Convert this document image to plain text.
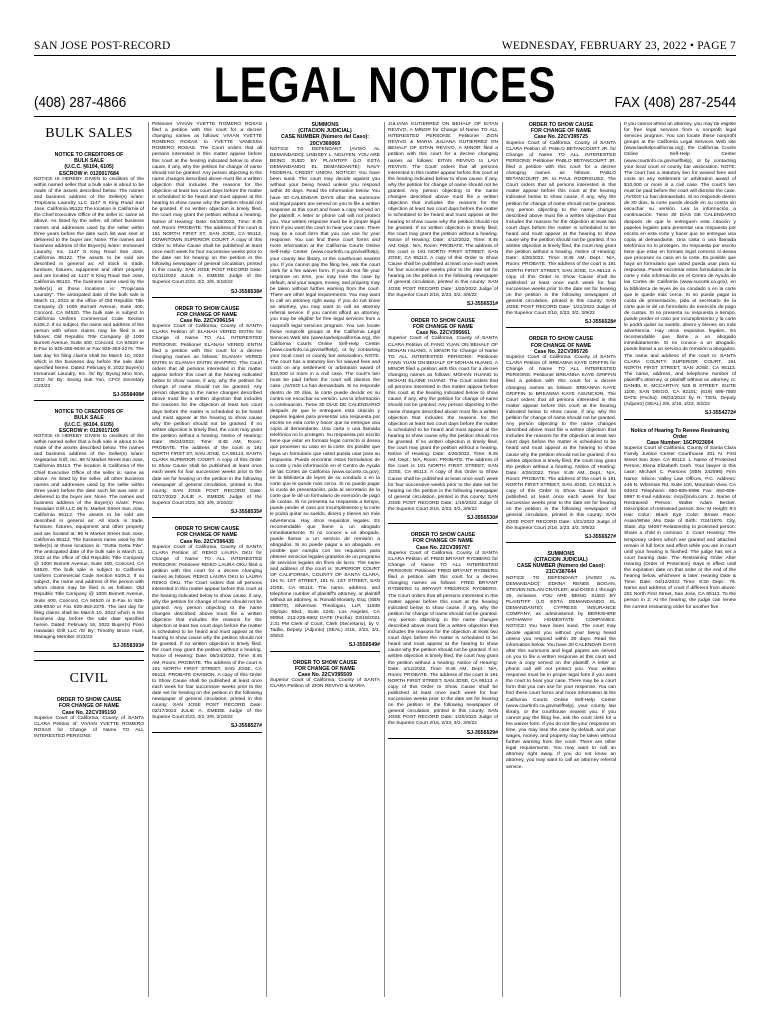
SAN JOSE POST-RECORD	WEDNESDAY, FEBRUARY 23, 2022 • PAGE 7
LEGAL NOTICES
(408) 287-4866	FAX (408) 287-2544
BULK SALES
NOTICE TO CREDITORS OF
BULK SALE
(U.C.C. §6104, 6105)
ESCROW #: 0120017684

NOTICE IS HEREBY GIVEN to creditors of the within named seller that a bulk sale is about to be made of the assets described below. The names and business address of the Seller(s) is/are: Tropicana Laundry LLC 1147 S King Road San Jose, California 95122 The location in California of the Chief Executive Office of the seller is: same as above. As listed by the seller, all other business names and addresses used by the seller within three years before the date such list was sent or delivered to the buyer are: None. The names and business address of the Buyer(s) is/are: Immanuel Laundry, Inc. 1147 S King Road San Jose, California 95122. The assets to be sold are described in general as: All stock in trade, furniture, fixtures, equipment and other property and are located at: 1147 S King Road San Jose, California 95122. The business name used by the Seller(s) at those locations is: "Tropicana Laundry". The anticipated date of the bulk sale is March 11, 2022 at the office of Old Republic Title Company @ 1000 Burnett Avenue, Suite 400, Concord, CA 94520. The bulk sale is subject to California Uniform Commercial Code Section 6106.2. If so subject, the name and address of the person with whom claims may be filed is as follows: Old Republic Title Company @ 1000 Burnett Avenue, Suite 400, Concord, CA 94520 or E-Fax to 925-265-9040 or Fax 925-363-2276. The last day for filing claims shall be March 10, 2022 which is the business day before the sale date specified herein. Dated: February 8, 2022 Buyer(s) Immanuel Laundry, Inc. /S/ By: Byung Moo Son, CEO /S/ By: Seong Suk Yun, CFO/ Secretary 2/23/22

SJ-3558408#
NOTICE TO CREDITORS OF
BULK SALE
(U.C.C. §6104, 6105)
ESCROW #: 0126017109

NOTICE IS HEREBY GIVEN to creditors of the within named seller that a bulk sale is about to be made of the assets described below. The names and business address of the Seller(s) is/are: Vegetarian Grill, Inc. 86 N Market Street San Jose, California 95113. The location in California of the Chief Executive Office of the seller is: same as above. As listed by the seller, all other business names and addresses used by the seller within three years before the date such list was sent or delivered to the buyer are: None. The names and business address of the Buyer(s) is/are: Pono Hawaiian Grill LLC 86 N. Market Street San Jose, California 95113. The assets to be sold are described in general as: All stock in trade, furniture, fixtures, equipment and other property and are located at: 86 N Market Street San Jose, California 95113. The business name used by the Seller(s) at those locations is: "Gotta Getta Pita". The anticipated date of the bulk sale is March 11, 2022 at the office of Old Republic Title Company @ 1000 Burnett Avenue, Suite 400, Concord, CA 94520. The bulk sale is subject to California Uniform Commercial Code Section 6106.2. If so subject, the name and address of the person with whom claims may be filed is as follows: Old Republic Title Company @ 1000 Burnett Avenue, Suite 400, Concord, CA 94520 or E-Fax to 925-265-9040 or Fax 925-363-2276. The last day for filing claims shall be March 10, 2022 which is the business day before the sale date specified herein. Dated: February 16, 2022 Buyer(s) Pono Hawaiian Grill LLC /S/ By: Timothy Bruce Hunt, Managing Member 2/23/22

SJ-3558393#
CIVIL
ORDER TO SHOW CAUSE
FOR CHANGE OF NAME
Case No. 22CV395150

Superior Court of California, County of SANTA CLARA Petition of: VIVIAN YVETTE ROMERO ROSAS for Change of Name TO ALL INTERESTED PERSONS:

Petitioner VIVIAN YVETTE ROMERO ROSAS filed a petition with this court for a decree changing names as follows: VIVIAN YVETTE ROMERO ROSAS to YVETTE VANESSA ROMERO ROSAS. The Court orders that all persons interested in this matter appear before this court at the hearing indicated below to show cause, if any, why the petition for change of name should not be granted. Any person objecting to the name changes described above must file a written objection that includes the reasons for the objection at least two court days before the matter is scheduled to be heard and must appear at the hearing to show cause why the petition should not be granted. If no written objection is timely filed, the court may grant the petition without a hearing. Notice of Hearing: Date: 04/19/2022, Time: 8:45 AM, Room: PROBATE. The address of the court is 191 NORTH FIRST ST, SAN JOSE, CA 95113, DOWNTOWN SUPERIOR COURT. A copy of this Order to Show Cause shall be published at least once each week for four successive weeks prior to the date set for hearing on the petition in the following newspaper of general circulation, printed in this county: SAN JOSE POST RECORD Date: 01/11/2022 JULIE A. EMEDE Judge of the Superior Court 2/23, 3/2, 3/9, 3/16/22

SJ-3558538#
ORDER TO SHOW CAUSE
FOR CHANGE OF NAME
Case No. 22CV396154

Superior Court of California, County of SANTA CLARA Petition of: ELANAH VERED ENTIN for Change of Name TO ALL INTERESTED PERSONS: Petitioner ELANAH VERED ENTIN filed a petition with this court for a decree changing names as follows: ELANAH VERED ENTIN to ELANAH ENTIN SHAPIRO. The Court orders that all persons interested in this matter appear before this court at the hearing indicated below to show cause, if any, why the petition for change of name should not be granted. Any person objecting to the name changes described above must file a written objection that includes the reasons for the objection at least two court days before the matter is scheduled to be heard and must appear at the hearing to show cause why the petition should not be granted. If no written objection is timely filed, the court may grant the petition without a hearing. Notice of Hearing: Date: 05/24/2022, Time: 8:45 AM, Room: PROBATE. The address of the court is 191 NORTH FIRST ST, SAN JOSE, CA 95113, SANTA CLARA SUPERIOR COURT. A copy of this Order to Show Cause shall be published at least once each week for four successive weeks prior to the date set for hearing on the petition in the following newspaper of general circulation, printed in this county: SAN JOSE POST RECORD Date: 02/17/2022 JULIE A. EMEDE Judge of the Superior Court 2/23, 3/2, 3/9, 3/16/22

SJ-3558535#
ORDER TO SHOW CAUSE
FOR CHANGE OF NAME
Case No. 22CV396435

Superior Court of California, County of SANTA CLARA Petition of: REIKO LAURA OKU for Change of Name TO ALL INTERESTED PERSONS: Petitioner REIKO LAURA OKU filed a petition with this court for a decree changing names as follows: REIKO LAURA OKU to LAURA REIKO OKU. The Court orders that all persons interested in this matter appear before this court at the hearing indicated below to show cause, if any, why the petition for change of name should not be granted. Any person objecting to the name changes described above must file a written objection that includes the reasons for the objection at least two court days before the matter is scheduled to be heard and must appear at the hearing to show cause why the petition should not be granted. If no written objection is timely filed, the court may grant the petition without a hearing. Notice of Hearing: Date: 05/24/2022, Time: 8:45 AM, Room: PROBATE. The address of the court is 191 NORTH FIRST STREET, SAN JOSE, CA 95113, PROBATE DIVISION. A copy of this Order to Show Cause shall be published at least once each week for four successive weeks prior to the date set for hearing on the petition in the following newspaper of general circulation, printed in this county: SAN JOSE POST RECORD Date: 02/17/2022 JULIE A. EMEDE Judge of the Superior Court 2/23, 3/2, 3/9, 3/16/22

SJ-3558527#
SUMMONS
(CITACION JUDICIAL)
CASE NUMBER (Número del Caso):
20CV369069

NOTICE TO DEFENDANT (AVISO AL DEMANDADO): LINDSEY L. NGUYEN. YOU ARE BEING SUED BY PLAINTIFF (LO ESTÁ DEMANDANDO EL DEMANDANTE): NAVY FEDERAL CREDIT UNION. NOTICE! You have been sued. The court may decide against you without your being heard unless you respond within 30 days. Read the information below. You have 30 CALENDAR DAYS after this summons and legal papers are served on you to file a written response at this court and have a copy served on the plaintiff. A letter or phone call will not protect you. Your written response must be in proper legal form if you want the court to hear your case. There may be a court form that you can use for your response. You can find these court forms and more information at the California Courts Online Self-Help Center (www.courtinfo.ca.gov/selfhelp), your county law library, or the courthouse nearest you. If you cannot pay the filing fee, ask the court clerk for a fee waiver form. If you do not file your response on time, you may lose the case by default, and your wages, money, and property may be taken without further warning from the court. There are other legal requirements. You may want to call an attorney right away. If you do not know an attorney, you may want to call an attorney referral service. If you cannot afford an attorney, you may be eligible for free legal services from a nonprofit legal services program. You can locate these nonprofit groups at the California Legal Services Web site (www.lawhelpcalifornia.org), the California Courts Online Self-Help Center (www.courtinfo.ca.gov/selfhelp), or by contacting your local court or county bar association. NOTE: The court has a statutory lien for waived fees and costs on any settlement or arbitration award of $10,000 or more in a civil case. The court's lien must be paid before the court will dismiss the case. ¡AVISO! Lo han demandado. Si no responde dentro de 30 días, la corte puede decidir en su contra sin escuchar su versión. Lea la información a continuación. Tiene 30 DÍAS DE CALENDARIO después de que le entreguen esta citación y papeles legales para presentar una respuesta por escrito en esta corte y hacer que se entregue una copia al demandante. Una carta o una llamada telefónica no lo protegen. Su respuesta por escrito tiene que estar en formato legal correcto si desea que procesen su caso en la corte. Es posible que haya un formulario que usted pueda usar para su respuesta. Puede encontrar estos formularios de la corte y más información en el Centro de Ayuda de las Cortes de California (www.sucorte.ca.gov), en la biblioteca de leyes de su condado o en la corte que le quede más cerca. Si no puede pagar la cuota de presentación, pida al secretario de la corte que le dé un formulario de exención de pago de cuotas. Si no presenta su respuesta a tiempo, puede perder el caso por incumplimiento y la corte le podrá quitar su sueldo, dinero y bienes sin más advertencia. Hay otros requisitos legales. Es recomendable que llame a un abogado inmediatamente. Si no conoce a un abogado, puede llamar a un servicio de remisión a abogados. Si no puede pagar a un abogado, es posible que cumpla con los requisitos para obtener servicios legales gratuitos de un programa de servicios legales sin fines de lucro. The name and address of the court is: SUPERIOR COURT OF CALIFORNIA, COUNTY OF SANTA CLARA, 191 N. 1ST STREET, 191 N. 1ST STREET, SAN JOSE, CA 95113. The name, address, and telephone number of plaintiff's attorney, or plaintiff without an attorney, is: Ronald Moriarty, Esq. (SBN 296870), Silverman Theologou, LLP, 11835 Olympic Blvd., Suite 1245, Los Angeles, CA 90064. 213-225-6602 DATE (Fecha): 03/18/2021 2:31 PM Clerk of Court, Clerk (Secretario), by V. Tadlia, Deputy (Adjunto) (SEAL) 2/16, 2/23, 3/2, 3/9/22

SJ-3556549#
ORDER TO SHOW CAUSE
FOR CHANGE OF NAME
Case No. 22CV395509

Superior Court of California, County of SANTA CLARA Petition of: ZION REVIVO & MARIA

JULIANA GUTIERREZ ON BEHALF OF EITAN REVIVO, A MINOR for Change of Name TO ALL INTERESTED PERSONS: Petitioner ZION REVIVO & MARIA JULIANA GUTIERREZ ON BEHALF OF EITAN REVIVO, A MINOR filed a petition with this court for a decree changing names as follows: EITAN REVIVO to LAVI REVIVO. The Court orders that all persons interested in this matter appear before this court at the hearing indicated below to show cause, if any, why the petition for change of name should not be granted. Any person objecting to the name changes described above must file a written objection that includes the reasons for the objection at least two court days before the matter is scheduled to be heard and must appear at the hearing to show cause why the petition should not be granted. If no written objection is timely filed, the court may grant the petition without a hearing. Notice of Hearing: Date: 4/12/2022, Time: 8:45 AM, Dept.: N/A, Room: PROBATE. The address of the court is 191 NORTH FIRST STREET, SAN JOSE, CA 95113. A copy of this Order to Show Cause shall be published at least once each week for four successive weeks prior to the date set for hearing on the petition in the following newspaper of general circulation, printed in this county: SAN JOSE POST RECORD Date: 1/20/2022 Judge of the Superior Court 2/16, 2/23, 3/2, 3/9/22

SJ-3556531#
ORDER TO SHOW CAUSE
FOR CHANGE OF NAME
Case No. 22CV395661

Superior Court of California, County of SANTA CLARA Petition of: FANG YUAN ON BEHALF OF MOHAN HUANG, A MINOR for Change of Name TO ALL INTERESTED PERSONS: Petitioner FANG YUAN ON BEHALF OF MOHAN HUANG, A MINOR filed a petition with this court for a decree changing names as follows: MOHAN HUANG to MOHAN ELAINE HUANG. The Court orders that all persons interested in this matter appear before this court at the hearing indicated below to show cause, if any, why the petition for change of name should not be granted. Any person objecting to the name changes described above must file a written objection that includes the reasons for the objection at least two court days before the matter is scheduled to be heard and must appear at the hearing to show cause why the petition should not be granted. If no written objection is timely filed, the court may grant the petition without a hearing. Notice of Hearing: Date: 4/26/2022, Time: 8:45 AM, Dept.: N/A, Room: PROBATE. The address of the court is 191 NORTH FIRST STREET, SAN JOSE, CA 95113. A copy of this Order to Show Cause shall be published at least once each week for four successive weeks prior to the date set for hearing on the petition in the following newspaper of general circulation, printed in this county: SAN JOSE POST RECORD Date: 1/19/2022 Judge of the Superior Court 2/16, 2/23, 3/2, 3/9/22

SJ-3556530#
ORDER TO SHOW CAUSE
FOR CHANGE OF NAME
Case No. 22CV395767

Superior Court of California, County of SANTA CLARA Petition of: FRED BRYANT RYDBERG for Change of Name TO ALL INTERESTED PERSONS: Petitioner FRED BRYANT RYDBERG filed a petition with this court for a decree changing names as follows: FRED BRYANT RYDBERG to BRYANT FREDRICK RYDBERG. The Court orders that all persons interested in this matter appear before this court at the hearing indicated below to show cause, if any, why the petition for change of name should not be granted. Any person objecting to the name changes described above must file a written objection that includes the reasons for the objection at least two court days before the matter is scheduled to be heard and must appear at the hearing to show cause why the petition should not be granted. If no written objection is timely filed, the court may grant the petition without a hearing. Notice of Hearing: Date: 4/12/2022, Time: 8:45 AM, Dept.: N/A, Room: PROBATE. The address of the court is 191 NORTH FIRST STREET, SAN JOSE, CA 95113. A copy of this Order to Show Cause shall be published at least once each week for four successive weeks prior to the date set for hearing on the petition in the following newspaper of general circulation, printed in this county: SAN JOSE POST RECORD Date: 1/20/2022 Judge of the Superior Court 2/16, 2/23, 3/2, 3/9/22

SJ-3556529#
ORDER TO SHOW CAUSE
FOR CHANGE OF NAME
Case No. 22CV395725

Superior Court of California, County of SANTA CLARA Petition of: PABLO BETANCOURT JR. for Change of Name TO ALL INTERESTED PERSONS: Petitioner PABLO BETANCOURT JR. filed a petition with this court for a decree changing names as follows: PABLO BETANCOURT JR. to PAUL RODRIGUEZ. The Court orders that all persons interested in this matter appear before this court at the hearing indicated below to show cause, if any, why the petition for change of name should not be granted. Any person objecting to the name changes described above must file a written objection that includes the reasons for the objection at least two court days before the matter is scheduled to be heard and must appear at the hearing to show cause why the petition should not be granted. If no written objection is timely filed, the court may grant the petition without a hearing. Notice of Hearing: Date: 4/26/2022, Time: 8:45 AM, Dept.: N/A, Room: PROBATE. The address of the court is 191 NORTH FIRST STREET, SAN JOSE, CA 95113. A copy of this Order to Show Cause shall be published at least once each week for four successive weeks prior to the date set for hearing on the petition in the following newspaper of general circulation, printed in this county: SAN JOSE POST RECORD Date: 1/21/2022 Judge of the Superior Court 2/16, 2/23, 3/2, 3/9/22

SJ-3556528#
ORDER TO SHOW CAUSE
FOR CHANGE OF NAME
Case No. 22CV395726

Superior Court of California, County of SANTA CLARA Petition of: BREANNA KAYE GRIFFIN for Change of Name TO ALL INTERESTED PERSONS: Petitioner BREANNA KAYE GRIFFIN filed a petition with this court for a decree changing names as follows: BREANNA KAYE GRIFFIN to BREANNA KAYE ASUNCION. The Court orders that all persons interested in this matter appear before this court at the hearing indicated below to show cause, if any, why the petition for change of name should not be granted. Any person objecting to the name changes described above must file a written objection that includes the reasons for the objection at least two court days before the matter is scheduled to be heard and must appear at the hearing to show cause why the petition should not be granted. If no written objection is timely filed, the court may grant the petition without a hearing. Notice of Hearing: Date: 4/26/2022, Time: 8:45 AM, Dept.: N/A, Room: PROBATE. The address of the court is 191 NORTH FIRST STREET, SAN JOSE, CA 95113. A copy of this Order to Show Cause shall be published at least once each week for four successive weeks prior to the date set for hearing on the petition in the following newspaper of general circulation, printed in this county: SAN JOSE POST RECORD Date: 1/21/2022 Judge of the Superior Court 2/16, 2/23, 3/2, 3/9/22

SJ-3556527#
SUMMONS
(CITACION JUDICIAL)
CASE NUMBER (Número del Caso):
21CV387644

NOTICE TO DEFENDANT (AVISO AL DEMANDADO): EDNNA RENEE BOGAN, STEVEN NOLAN CRATLER; and DOES 1 through 25, inclusive. YOU ARE BEING SUED BY PLAINTIFF (LO ESTÁ DEMANDANDO EL DEMANDANTE): CYPRESS INSURANCE COMPANY, as administered by BERKSHIRE HATHAWAY HOMESTATE COMPANIES. NOTICE! You have been sued. The court may decide against you without your being heard unless you respond within 30 days. Read the information below. You have 30 CALENDAR DAYS after this summons and legal papers are served on you to file a written response at this court and have a copy served on the plaintiff. A letter or phone call will not protect you. Your written response must be in proper legal form if you want the court to hear your case. There may be a court form that you can use for your response. You can find these court forms and more information at the California Courts Online Self-Help Center (www.courtinfo.ca.gov/selfhelp), your county law library, or the courthouse nearest you. If you cannot pay the filing fee, ask the court clerk for a fee waiver form. If you do not file your response on time, you may lose the case by default, and your wages, money, and property may be taken without further warning from the court. There are other legal requirements. You may want to call an attorney right away. If you do not know an attorney, you may want to call an attorney referral service.

If you cannot afford an attorney, you may be eligible for free legal services from a nonprofit legal services program. You can locate these nonprofit groups at the California Legal Services Web site (www.lawhelpcalifornia.org), the California Courts Online Self-Help Center (www.courtinfo.ca.gov/selfhelp), or by contacting your local court or county bar association. NOTE: The court has a statutory lien for waived fees and costs on any settlement or arbitration award of $10,000 or more in a civil case. The court's lien must be paid before the court will dismiss the case. ¡AVISO! Lo han demandado. Si no responde dentro de 30 días, la corte puede decidir en su contra sin escuchar su versión. Lea la información a continuación. Tiene 30 DÍAS DE CALENDARIO después de que le entreguen esta citación y papeles legales para presentar una respuesta por escrito en esta corte y hacer que se entregue una copia al demandante. Una carta o una llamada telefónica no lo protegen. Su respuesta por escrito tiene que estar en formato legal correcto si desea que procesen su caso en la corte. Es posible que haya un formulario que usted pueda usar para su respuesta. Puede encontrar estos formularios de la corte y más información en el Centro de Ayuda de las Cortes de California (www.sucorte.ca.gov), en la biblioteca de leyes de su condado o en la corte que le quede más cerca. Si no puede pagar la cuota de presentación, pida al secretario de la corte que le dé un formulario de exención de pago de cuotas. Si no presenta su respuesta a tiempo, puede perder el caso por incumplimiento y la corte le podrá quitar su sueldo, dinero y bienes sin más advertencia. Hay otros requisitos legales. Es recomendable que llame a un abogado inmediatamente. Si no conoce a un abogado, puede llamar a un servicio de remisión a abogados. The name and address of the court is: SANTA CLARA COUNTY SUPERIOR COURT, 191 NORTH FIRST STREET, SAN JOSE, CA 95113. The name, address, and telephone number of plaintiff's attorney, or plaintiff without an attorney, is: DANIEL E. MCCARTHY, 525 B STREET, SUITE 1100, SAN DIEGO, CA 92101; (619) 699-7500 DATE (Fecha): 09/23/2022 by R. TIEN, Deputy (Adjunto) (SEAL) 2/9, 2/16, 2/23, 3/2/22

SJ-3554272#
Notice of Hearing To Renew Restraining
Order
Case Number: 16CP023004

Superior Court of California, County of Santa Clara Family Justice Center Courthouse 201 N. First Street San Jose, CA 95113. 1. Name of Protected Person: Elena Elizabeth Cseh. Your lawyer in this case: Michael C. Parsons (SBN 242596) Firm Name: Silicon Valley Law Offices, P.C. Address: 445 N. Whisman Rd, Suite 100, Mountain View, CA 94043 Telephone: 650-605-5996 Fax: 650-605-5997 E-mail Address: mcp@svlo.com. 2. Name of Restrained Person: Walter Adam Becker. Description of restrained person: Sex: M Height: 6'4 Hair Color: Black Eye Color: Brown Race: Asian/White Mix Date of Birth: 7/24/1976. City, State, Zip: 94087 Relationship to protected person: Share a child in common. 3. Court Hearing: The temporary orders which are granted and attached remain in full force and effect while you are in court until your hearing is finished. The judge has set a court hearing date. The Restraining Order After Hearing (Order of Protection) stays in effect until the expiration date on that order or the end of the hearing below, whichever is later. Hearing Date & Time: Date: 04/12/2022 Time: 8:30 Dept.: 76. Name and address of court if different from above: 201 North First Street, San Jose, CA 95113. To the person in 2: At the hearing, the judge can renew the current restraining order for another five
